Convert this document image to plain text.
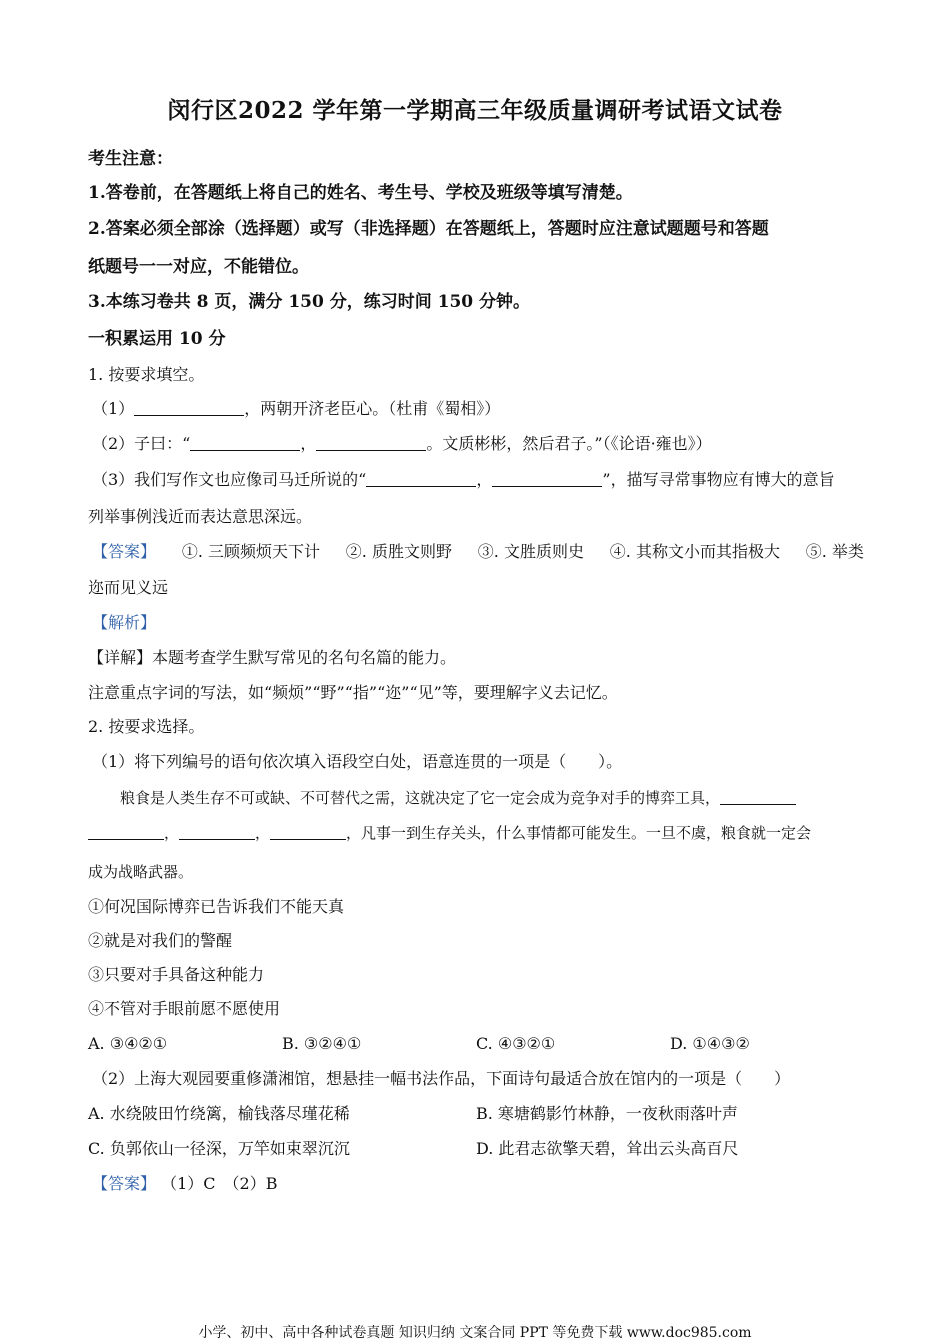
闵行区2022 学年第一学期高三年级质量调研考试语文试卷
考生注意：
1.答卷前，在答题纸上将自己的姓名、考生号、学校及班级等填写清楚。
2.答案必须全部涂（选择题）或写（非选择题）在答题纸上，答题时应注意试题题号和答题
纸题号一一对应，不能错位。
3.本练习卷共 8 页，满分 150 分，练习时间 150 分钟。
一积累运用 10 分
1. 按要求填空。
（1）	，两朝开济老臣心。（杜甫《蜀相》）
（2）子曰：“	，	。文质彬彬，然后君子。”（《论语·雍也》）
（3）我们写作文也应像司马迁所说的“	，	”，描写寻常事物应有博大的意旨
列举事例浅近而表达意思深远。
【答案】 ①. 三顾频烦天下计 ②. 质胜文则野 ③. 文胜质则史 ④. 其称文小而其指极大 ⑤. 举类
迩而见义远
【解析】
【详解】本题考查学生默写常见的名句名篇的能力。
注意重点字词的写法，如“频烦”“野”“指”“迩”“见”等，要理解字义去记忆。
2. 按要求选择。
（1）将下列编号的语句依次填入语段空白处，语意连贯的一项是（　　）。
粮食是人类生存不可或缺、不可替代之需，这就决定了它一定会成为竞争对手的博弈工具，
，	，	，凡事一到生存关头，什么事情都可能发生。一旦不虞，粮食就一定会
成为战略武器。
①何况国际博弈已告诉我们不能天真
②就是对我们的警醒
③只要对手具备这种能力
④不管对手眼前愿不愿使用
A. ③④②①	B. ③②④①	C. ④③②①	D. ①④③②
（2）上海大观园要重修潇湘馆，想悬挂一幅书法作品，下面诗句最适合放在馆内的一项是（　　）
A. 水绕陂田竹绕篱，榆钱落尽瑾花稀	B. 寒塘鹤影竹林静，一夜秋雨落叶声
C. 负郭依山一径深，万竿如束翠沉沉	D. 此君志欲擎天碧，耸出云头高百尺
【答案】 （1）C　（2）B
小学、初中、高中各种试卷真题 知识归纳 文案合同 PPT 等免费下载 www.doc985.com
